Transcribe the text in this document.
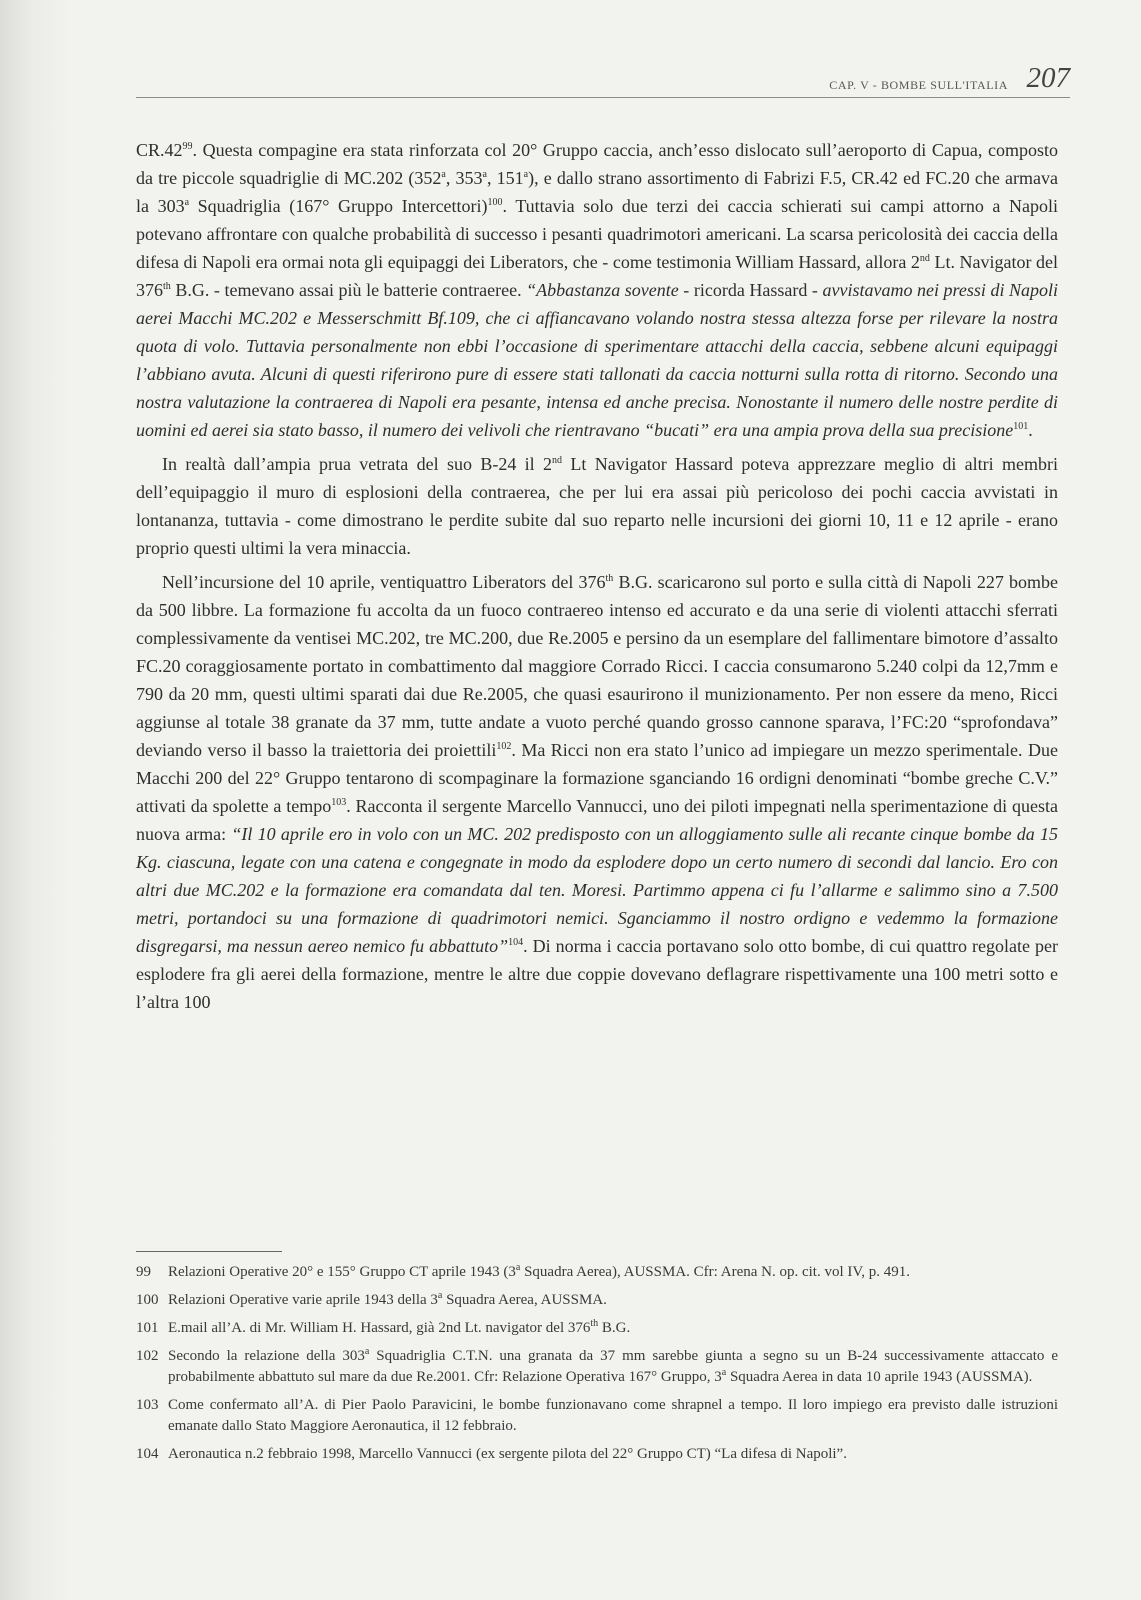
CAP. V - BOMBE SULL'ITALIA 207

$CR.42^{99}$. Questa compagine era stata rinforzata col 20° Gruppo caccia, anch’esso dislocato sull’aeroporto di Capua, composto da tre piccole squadriglie di MC.202 (352$^a$, 353$^a$, 151$^a$), e dallo strano assortimento di Fabrizi F.5, CR.42 ed FC.20 che armava la 303$^a$ Squadriglia (167° Gruppo Intercettori)$^{100}$. Tuttavia solo due terzi dei caccia schierati sui campi attorno a Napoli potevano affrontare con qualche probabilità di successo i pesanti quadrimotori americani. La scarsa pericolosità dei caccia della difesa di Napoli era ormai nota gli equipaggi dei Liberators, che - come testimonia William Hassard, allora 2nd Lt. Navigator del 376th B.G. - temevano assai più le batterie contraeree. “Abbastanza sovente - ricorda Hassard - avvistavamo nei pressi di Napoli aerei Macchi MC.202 e Messerschmitt Bf.109, che ci affiancavano volando nostra stessa altezza forse per rilevare la nostra quota di volo. Tuttavia personalmente non ebbi l’occasione di sperimentare attacchi della caccia, sebbene alcuni equipaggi l’abbiano avuta. Alcuni di questi riferirono pure di essere stati tallonati da caccia notturni sulla rotta di ritorno. Secondo una nostra valutazione la contraerea di Napoli era pesante, intensa ed anche precisa. Nonostante il numero delle nostre perdite di uomini ed aerei sia stato basso, il numero dei velivoli che rientravano “bucati” era una ampia prova della sua precisione$^{101}$.

In realtà dall’ampia prua vetrata del suo B-24 il 2nd Lt Navigator Hassard poteva apprezzare meglio di altri membri dell’equipaggio il muro di esplosioni della contraerea, che per lui era assai più pericoloso dei pochi caccia avvistati in lontananza, tuttavia - come dimostrano le perdite subite dal suo reparto nelle incursioni dei giorni 10, 11 e 12 aprile - erano proprio questi ultimi la vera minaccia.

Nell’incursione del 10 aprile, ventiquattro Liberators del 376th B.G. scaricarono sul porto e sulla città di Napoli 227 bombe da 500 libbre. La formazione fu accolta da un fuoco contraereo intenso ed accurato e da una serie di violenti attacchi sferrati complessivamente da ventisei MC.202, tre MC.200, due Re.2005 e persino da un esemplare del fallimentare bimotore d’assalto FC.20 coraggiosamente portato in combattimento dal maggiore Corrado Ricci. I caccia consumarono 5.240 colpi da 12,7mm e 790 da 20 mm, questi ultimi sparati dai due Re.2005, che quasi esaurirono il munizionamento. Per non essere da meno, Ricci aggiunse al totale 38 granate da 37 mm, tutte andate a vuoto perché quando grosso cannone sparava, l’FC:20 “sprofondava” deviando verso il basso la traiettoria dei proiettili$^{102}$. Ma Ricci non era stato l’unico ad impiegare un mezzo sperimentale. Due Macchi 200 del 22° Gruppo tentarono di scompaginare la formazione sganciando 16 ordigni denominati “bombe greche C.V.” attivati da spolette a tempo$^{103}$. Racconta il sergente Marcello Vannucci, uno dei piloti impegnati nella sperimentazione di questa nuova arma: “Il 10 aprile ero in volo con un MC. 202 predisposto con un alloggiamento sulle ali recante cinque bombe da 15 Kg. ciascuna, legate con una catena e congegnate in modo da esplodere dopo un certo numero di secondi dal lancio. Ero con altri due MC.202 e la formazione era comandata dal ten. Moresi. Partimmo appena ci fu l’allarme e salimmo sino a 7.500 metri, portandoci su una formazione di quadrimotori nemici. Sganciammo il nostro ordigno e vedemmo la formazione disgregarsi, ma nessun aereo nemico fu abbattuto”$^{104}$. Di norma i caccia portavano solo otto bombe, di cui quattro regolate per esplodere fra gli aerei della formazione, mentre le altre due coppie dovevano deflagrare rispettivamente una 100 metri sotto e l’altra 100

99	Relazioni Operative 20° e 155° Gruppo CT aprile 1943 (3$^a$ Squadra Aerea), AUSSMA. Cfr: Arena N. op. cit. vol IV, p. 491.
100 Relazioni Operative varie aprile 1943 della 3$^a$ Squadra Aerea, AUSSMA.
101 E.mail all’A. di Mr. William H. Hassard, già 2nd Lt. navigator del 376th B.G.
102 Secondo la relazione della 303$^a$ Squadriglia C.T.N. una granata da 37 mm sarebbe giunta a segno su un B-24 successivamente attaccato e probabilmente abbattuto sul mare da due Re.2001. Cfr: Relazione Operativa 167° Gruppo, 3$^a$ Squadra Aerea in data 10 aprile 1943 (AUSSMA).
103 Come confermato all’A. di Pier Paolo Paravicini, le bombe funzionavano come shrapnel a tempo. Il loro impiego era previsto dalle istruzioni emanate dallo Stato Maggiore Aeronautica, il 12 febbraio.
104 Aeronautica n.2 febbraio 1998, Marcello Vannucci (ex sergente pilota del 22° Gruppo CT) “La difesa di Napoli”.
